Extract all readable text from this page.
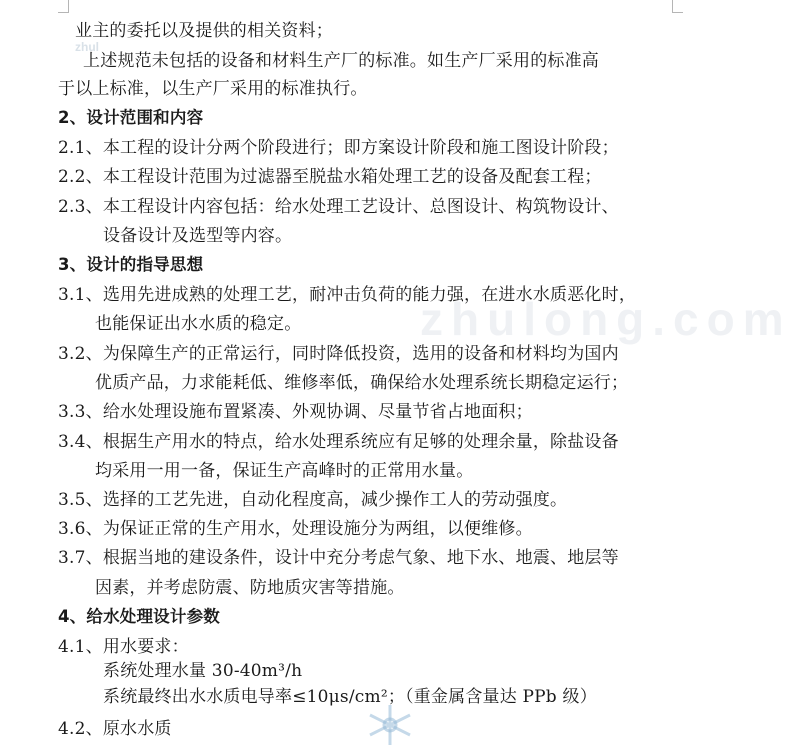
zhul
zhulong.com
业主的委托以及提供的相关资料；
上述规范未包括的设备和材料生产厂的标准。如生产厂采用的标准高
于以上标准，以生产厂采用的标准执行。
2、设计范围和内容
2.1、本工程的设计分两个阶段进行；即方案设计阶段和施工图设计阶段；
2.2、本工程设计范围为过滤器至脱盐水箱处理工艺的设备及配套工程；
2.3、本工程设计内容包括：给水处理工艺设计、总图设计、构筑物设计、
设备设计及选型等内容。
3、设计的指导思想
3.1、选用先进成熟的处理工艺，耐冲击负荷的能力强，在进水水质恶化时，
也能保证出水水质的稳定。
3.2、为保障生产的正常运行，同时降低投资，选用的设备和材料均为国内
优质产品，力求能耗低、维修率低，确保给水处理系统长期稳定运行；
3.3、给水处理设施布置紧凑、外观协调、尽量节省占地面积；
3.4、根据生产用水的特点，给水处理系统应有足够的处理余量，除盐设备
均采用一用一备，保证生产高峰时的正常用水量。
3.5、选择的工艺先进，自动化程度高，减少操作工人的劳动强度。
3.6、为保证正常的生产用水，处理设施分为两组，以便维修。
3.7、根据当地的建设条件，设计中充分考虑气象、地下水、地震、地层等
因素，并考虑防震、防地质灾害等措施。
4、给水处理设计参数
4.1、用水要求：
系统处理水量 30-40m³/h
系统最终出水水质电导率≤10μs/cm²；（重金属含量达 PPb 级）
4.2、原水水质
